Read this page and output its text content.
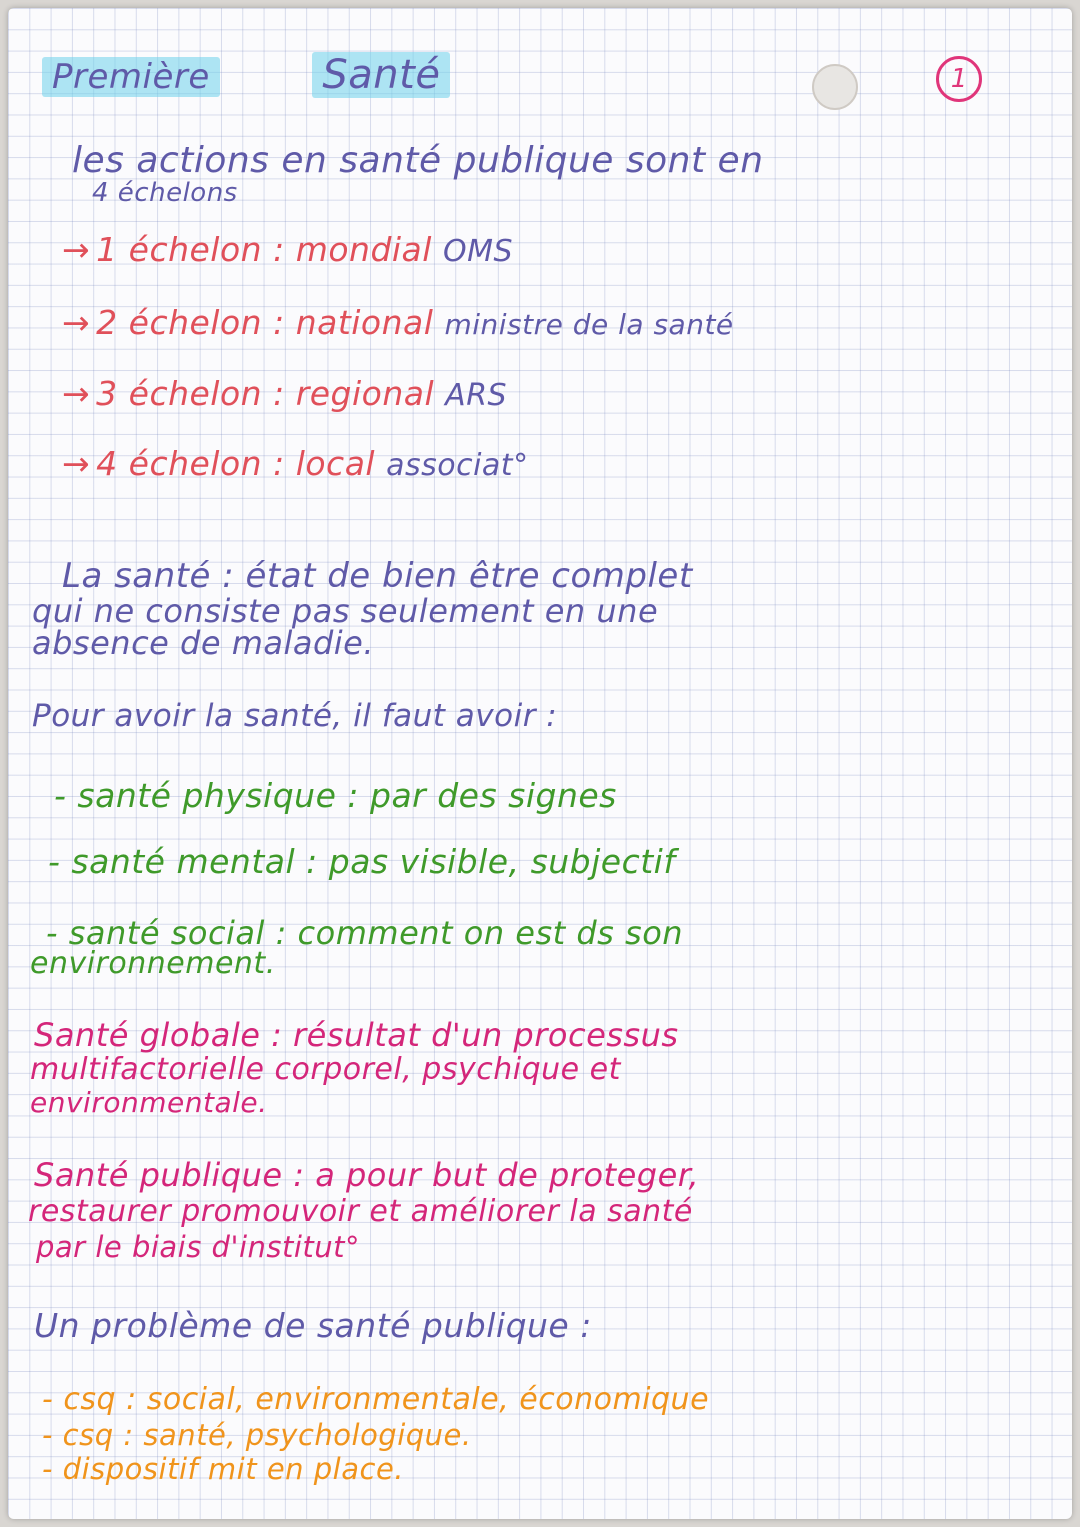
Première	Santé	1
les actions en santé publique sont en
4 échelons
→ 1 échelon : mondial OMS
→ 2 échelon : national ministre de la santé
→ 3 échelon : regional ARS
→ 4 échelon : local associat°
La santé : état de bien être complet
qui ne consiste pas seulement en une
absence de maladie.
Pour avoir la santé, il faut avoir :
- santé physique : par des signes
- santé mental : pas visible, subjectif
- santé social : comment on est ds son
environnement.
Santé globale : résultat d'un processus
multifactorielle corporel, psychique et
environmentale.
Santé publique : a pour but de proteger,
restaurer promouvoir et améliorer la santé
par le biais d'institut°
Un problème de santé publique :
- csq : social, environmentale, économique
- csq : santé, psychologique.
- dispositif mit en place.
